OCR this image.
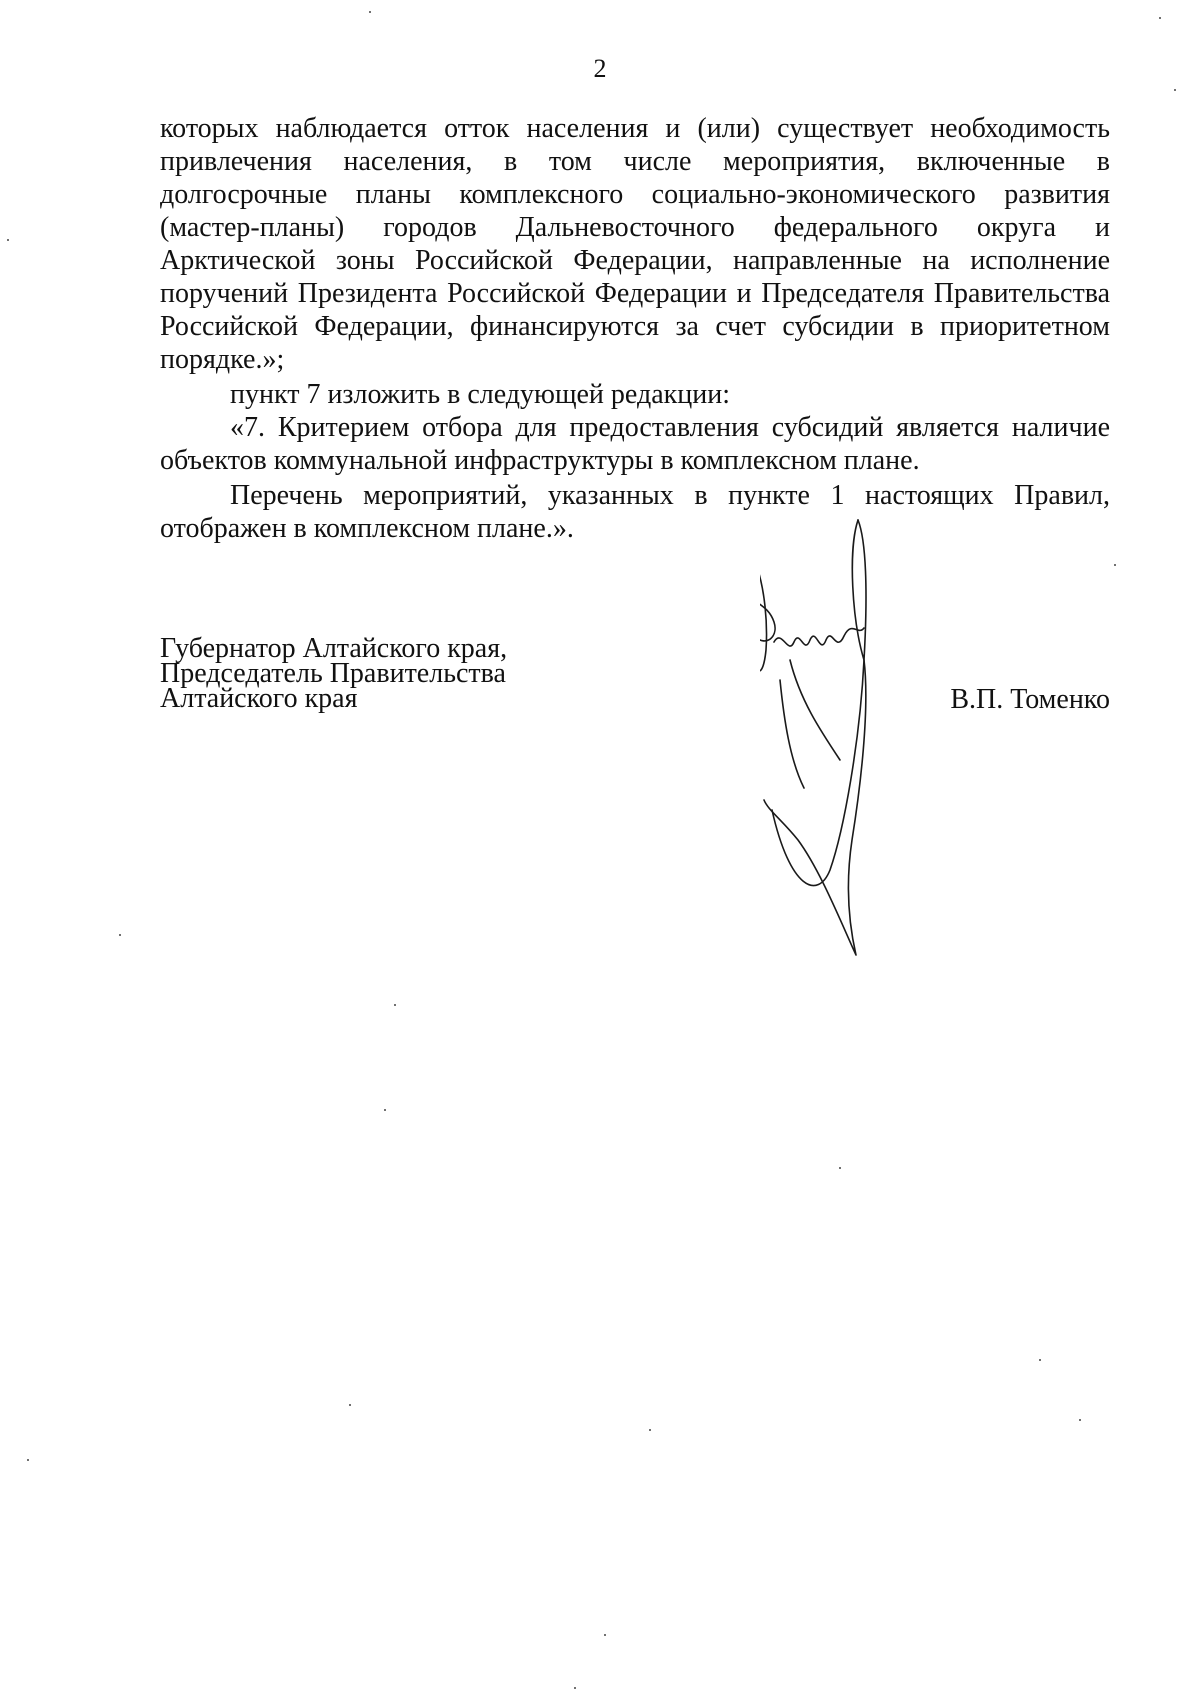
2

которых наблюдается отток населения и (или) существует необходимость привлечения населения, в том числе мероприятия, включенные в долгосрочные планы комплексного социально-экономического развития (мастер-планы) городов Дальневосточного федерального округа и Арктической зоны Российской Федерации, направленные на исполнение поручений Президента Российской Федерации и Председателя Правительства Российской Федерации, финансируются за счет субсидии в приоритетном порядке.»;

пункт 7 изложить в следующей редакции:

«7. Критерием отбора для предоставления субсидий является наличие объектов коммунальной инфраструктуры в комплексном плане.

Перечень мероприятий, указанных в пункте 1 настоящих Правил, отображен в комплексном плане.».

Губернатор Алтайского края,
Председатель Правительства
Алтайского края	В.П. Томенко
